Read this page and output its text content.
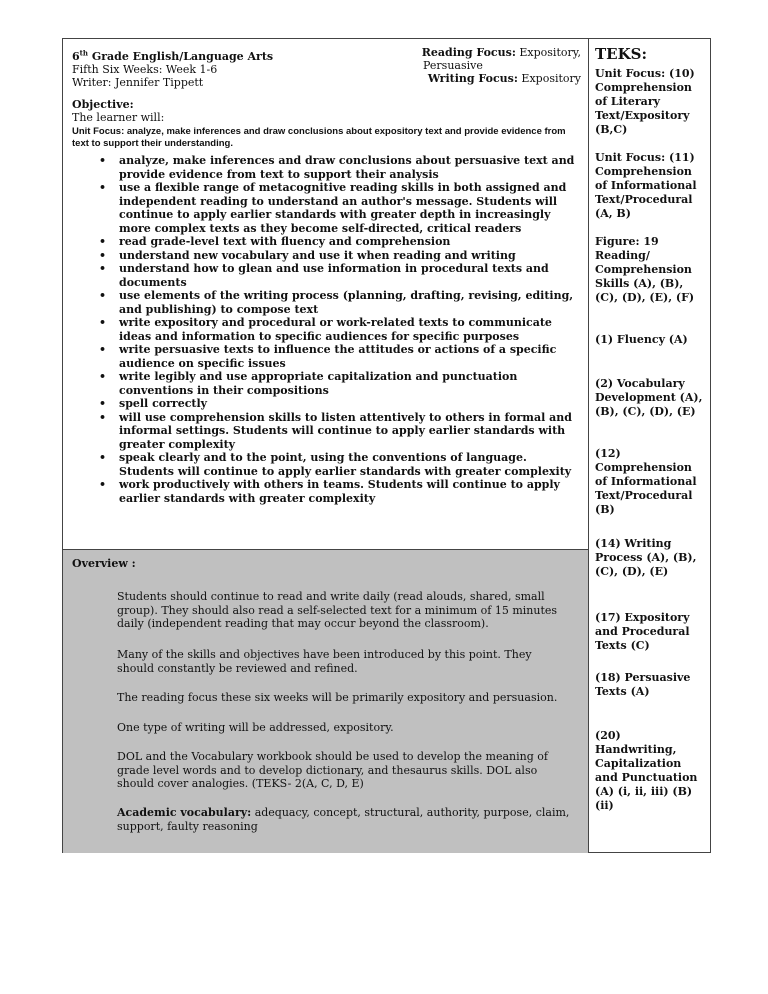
6th Grade English/Language Arts
Fifth Six Weeks: Week 1-6
Writer: Jennifer Tippett
Reading Focus: Expository,
Persuasive
Writing Focus: Expository
Objective:
The learner will:
Unit Focus: analyze, make inferences and draw conclusions about expository text and provide evidence from text to support their understanding.
• analyze, make inferences and draw conclusions about persuasive text and provide evidence from text to support their analysis
• use a flexible range of metacognitive reading skills in both assigned and independent reading to understand an author's message. Students will continue to apply earlier standards with greater depth in increasingly more complex texts as they become self-directed, critical readers
• read grade-level text with fluency and comprehension
• understand new vocabulary and use it when reading and writing
• understand how to glean and use information in procedural texts and documents
• use elements of the writing process (planning, drafting, revising, editing, and publishing) to compose text
• write expository and procedural or work-related texts to communicate ideas and information to specific audiences for specific purposes
• write persuasive texts to influence the attitudes or actions of a specific audience on specific issues
• write legibly and use appropriate capitalization and punctuation conventions in their compositions
• spell correctly
• will use comprehension skills to listen attentively to others in formal and informal settings. Students will continue to apply earlier standards with greater complexity
• speak clearly and to the point, using the conventions of language. Students will continue to apply earlier standards with greater complexity
• work productively with others in teams. Students will continue to apply earlier standards with greater complexity
Overview :
Students should continue to read and write daily (read alouds, shared, small group). They should also read a self-selected text for a minimum of 15 minutes daily (independent reading that may occur beyond the classroom).
Many of the skills and objectives have been introduced by this point. They should constantly be reviewed and refined.
The reading focus these six weeks will be primarily expository and persuasion.
One type of writing will be addressed, expository.
DOL and the Vocabulary workbook should be used to develop the meaning of grade level words and to develop dictionary, and thesaurus skills. DOL also should cover analogies. (TEKS- 2(A, C, D, E)
Academic vocabulary: adequacy, concept, structural, authority, purpose, claim, support, faulty reasoning
TEKS:
Unit Focus: (10) Comprehension of Literary Text/Expository (B,C)
Unit Focus: (11) Comprehension of Informational Text/Procedural (A, B)
Figure: 19 Reading/ Comprehension Skills (A), (B), (C), (D), (E), (F)
(1) Fluency (A)
(2) Vocabulary Development (A), (B), (C), (D), (E)
(12) Comprehension of Informational Text/Procedural (B)
(14) Writing Process (A), (B), (C), (D), (E)
(17) Expository and Procedural Texts (C)
(18) Persuasive Texts (A)
(20) Handwriting, Capitalization and Punctuation (A) (i, ii, iii) (B) (ii)
